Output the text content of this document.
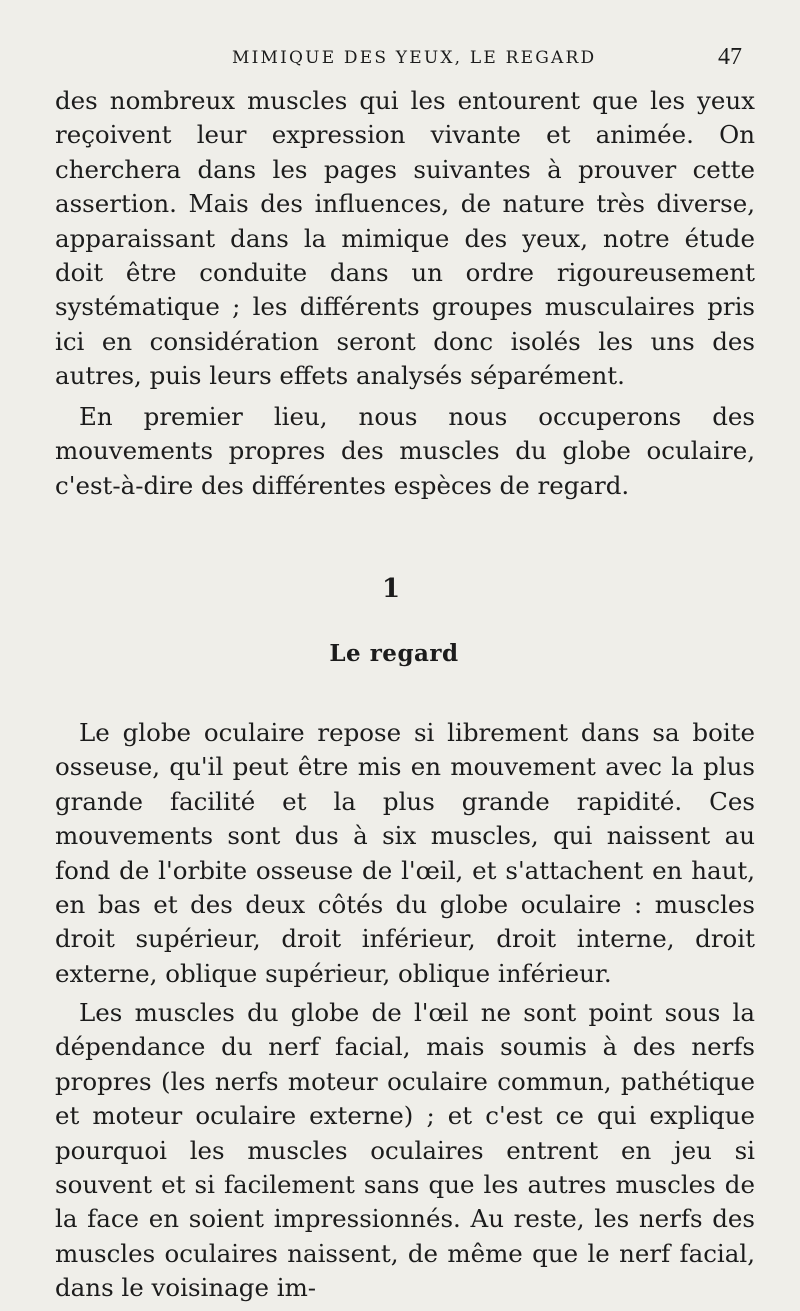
MIMIQUE DES YEUX, LE REGARD	47

des nombreux muscles qui les entourent que les yeux reçoivent leur expression vivante et animée. On cherchera dans les pages suivantes à prouver cette assertion. Mais des influences, de nature très diverse, apparaissant dans la mimique des yeux, notre étude doit être conduite dans un ordre rigoureusement systématique ; les différents groupes musculaires pris ici en considération seront donc isolés les uns des autres, puis leurs effets analysés séparément.

En premier lieu, nous nous occuperons des mouvements propres des muscles du globe oculaire, c'est-à-dire des différentes espèces de regard.

1
Le regard

Le globe oculaire repose si librement dans sa boite osseuse, qu'il peut être mis en mouvement avec la plus grande facilité et la plus grande rapidité. Ces mouvements sont dus à six muscles, qui naissent au fond de l'orbite osseuse de l'œil, et s'attachent en haut, en bas et des deux côtés du globe oculaire : muscles droit supérieur, droit inférieur, droit interne, droit externe, oblique supérieur, oblique inférieur.

Les muscles du globe de l'œil ne sont point sous la dépendance du nerf facial, mais soumis à des nerfs propres (les nerfs moteur oculaire commun, pathétique et moteur oculaire externe) ; et c'est ce qui explique pourquoi les muscles oculaires entrent en jeu si souvent et si facilement sans que les autres muscles de la face en soient impressionnés. Au reste, les nerfs des muscles oculaires naissent, de même que le nerf facial, dans le voisinage im-
